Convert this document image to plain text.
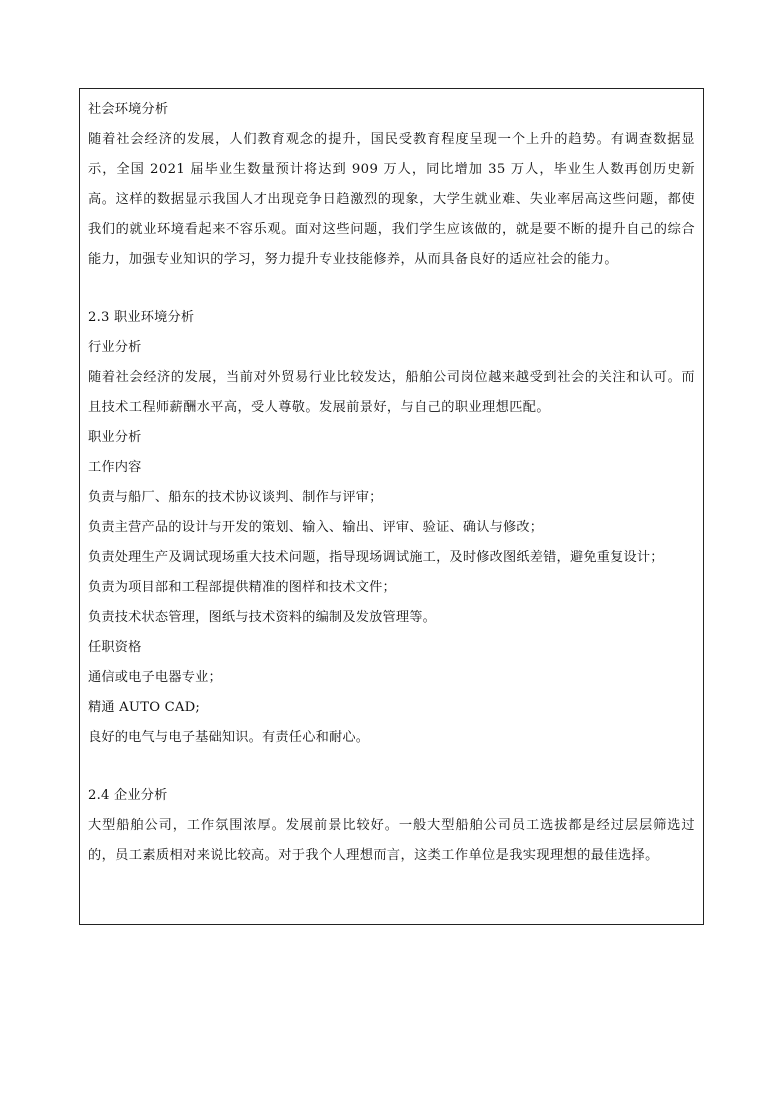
社会环境分析
随着社会经济的发展，人们教育观念的提升，国民受教育程度呈现一个上升的趋势。有调查数据显示，全国 2021 届毕业生数量预计将达到 909 万人，同比增加 35 万人，毕业生人数再创历史新高。这样的数据显示我国人才出现竞争日趋激烈的现象，大学生就业难、失业率居高这些问题，都使我们的就业环境看起来不容乐观。面对这些问题，我们学生应该做的，就是要不断的提升自己的综合能力，加强专业知识的学习，努力提升专业技能修养，从而具备良好的适应社会的能力。
2.3 职业环境分析
行业分析
随着社会经济的发展，当前对外贸易行业比较发达，船舶公司岗位越来越受到社会的关注和认可。而且技术工程师薪酬水平高，受人尊敬。发展前景好，与自己的职业理想匹配。
职业分析
工作内容
负责与船厂、船东的技术协议谈判、制作与评审；
负责主营产品的设计与开发的策划、输入、输出、评审、验证、确认与修改；
负责处理生产及调试现场重大技术问题，指导现场调试施工，及时修改图纸差错，避免重复设计；
负责为项目部和工程部提供精准的图样和技术文件；
负责技术状态管理，图纸与技术资料的编制及发放管理等。
任职资格
通信或电子电器专业；
精通 AUTO CAD;
良好的电气与电子基础知识。有责任心和耐心。
2.4 企业分析
大型船舶公司，工作氛围浓厚。发展前景比较好。一般大型船舶公司员工选拔都是经过层层筛选过的，员工素质相对来说比较高。对于我个人理想而言，这类工作单位是我实现理想的最佳选择。
